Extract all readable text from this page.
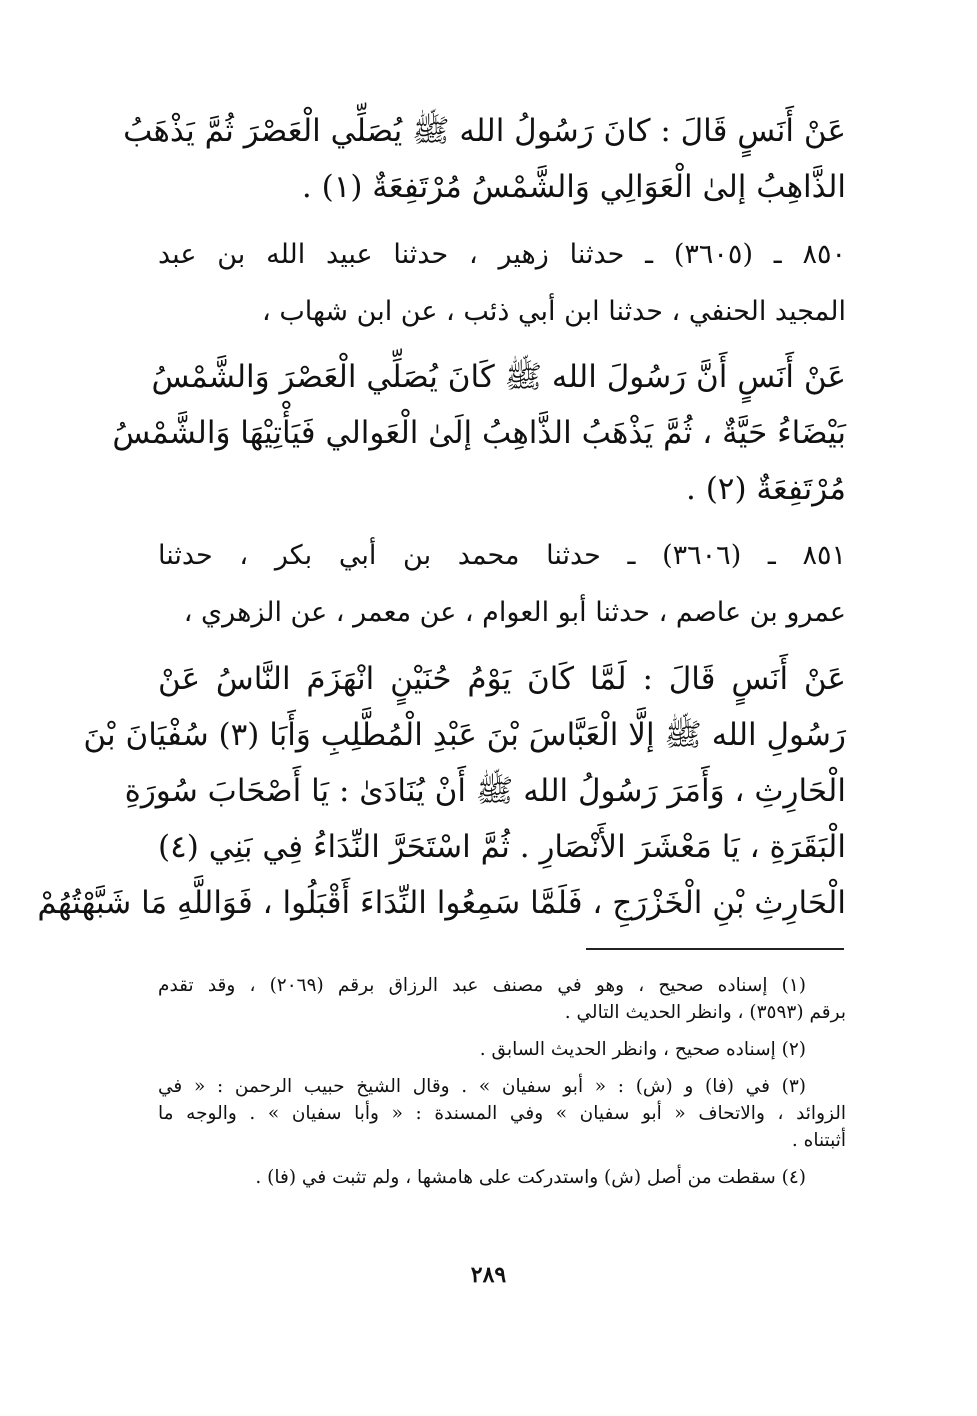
عَنْ أَنَسٍ قَالَ : كانَ رَسُولُ الله ﷺ يُصَلِّي الْعَصْرَ ثُمَّ يَذْهَبُ
الذَّاهِبُ إلىٰ الْعَوَالِي وَالشَّمْسُ مُرْتَفِعَةٌ (١) .
٨٥٠ ـ (٣٦٠٥) ـ حدثنا زهير ، حدثنا عبيد الله بن عبد
المجيد الحنفي ، حدثنا ابن أبي ذئب ، عن ابن شهاب ،
عَنْ أَنَسٍ أَنَّ رَسُولَ الله ﷺ كَانَ يُصَلِّي الْعَصْرَ وَالشَّمْسُ
بَيْضَاءُ حَيَّةٌ ، ثُمَّ يَذْهَبُ الذَّاهِبُ إلَىٰ الْعَوالي فَيَأْتِيْهَا وَالشَّمْسُ
مُرْتَفِعَةٌ (٢) .
٨٥١ ـ (٣٦٠٦) ـ حدثنا محمد بن أبي بكر ، حدثنا
عمرو بن عاصم ، حدثنا أبو العوام ، عن معمر ، عن الزهري ،
عَنْ أَنَسٍ قَالَ : لَمَّا كَانَ يَوْمُ حُنَيْنٍ انْهَزَمَ النَّاسُ عَنْ
رَسُولِ الله ﷺ إلَّا الْعَبَّاسَ بْنَ عَبْدِ الْمُطَّلِبِ وَأَبَا (٣) سُفْيَانَ بْنَ
الْحَارِثِ ، وَأَمَرَ رَسُولُ الله ﷺ أَنْ يُنَادَىٰ : يَا أَصْحَابَ سُورَةِ
الْبَقَرَةِ ، يَا مَعْشَرَ الأَنْصَارِ . ثُمَّ اسْتَحَرَّ النِّدَاءُ فِي بَنِي (٤)
الْحَارِثِ بْنِ الْخَزْرَجِ ، فَلَمَّا سَمِعُوا النِّدَاءَ أَقْبَلُوا ، فَوَاللَّهِ مَا شَبَّهْتُهُمْ
(١) إسناده صحيح ، وهو في مصنف عبد الرزاق برقم (٢٠٦٩) ، وقد تقدم
برقم (٣٥٩٣) ، وانظر الحديث التالي .
(٢) إسناده صحيح ، وانظر الحديث السابق .
(٣) في (فا) و (ش) : « أبو سفيان » . وقال الشيخ حبيب الرحمن : « في
الزوائد ، والاتحاف « أبو سفيان » وفي المسندة : « وأبا سفيان » . والوجه ما
أثبتناه .
(٤) سقطت من أصل (ش) واستدركت على هامشها ، ولم تثبت في (فا) .
٢٨٩
